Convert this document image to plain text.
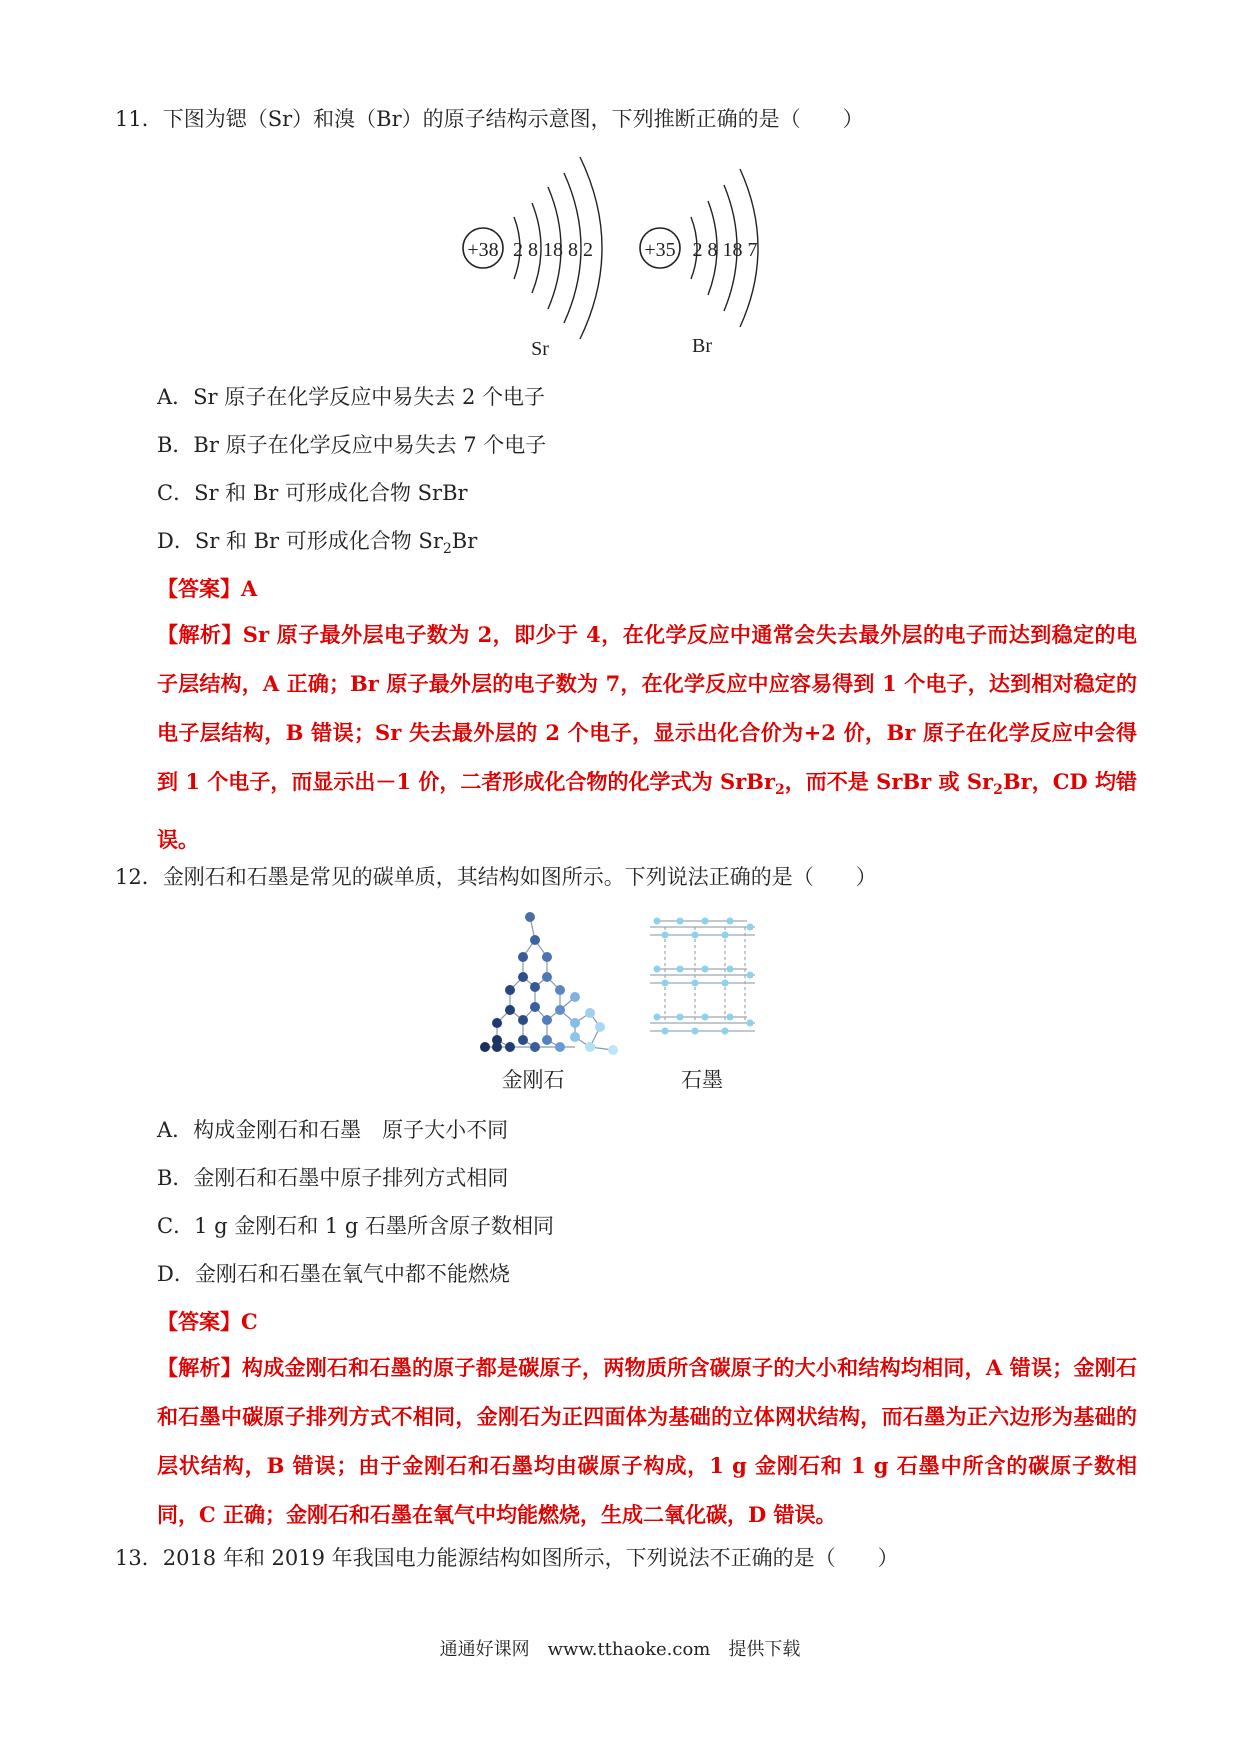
11．下图为锶（Sr）和溴（Br）的原子结构示意图，下列推断正确的是（　　）
+38 2 8 18 8 2
Sr
+35 2 8 18 7
Br
A．Sr 原子在化学反应中易失去 2 个电子
B．Br 原子在化学反应中易失去 7 个电子
C．Sr 和 Br 可形成化合物 SrBr
D．Sr 和 Br 可形成化合物 $Sr_2Br$
【答案】A
【解析】Sr 原子最外层电子数为 2，即少于 4，在化学反应中通常会失去最外层的电子而达到稳定的电子层结构，A 正确；Br 原子最外层的电子数为 7，在化学反应中应容易得到 1 个电子，达到相对稳定的电子层结构，B 错误；Sr 失去最外层的 2 个电子，显示出化合价为+2 价，Br 原子在化学反应中会得到 1 个电子，而显示出－1 价，二者形成化合物的化学式为 SrBr$_2$，而不是 SrBr 或 $Sr_2Br$，CD 均错误。
12．金刚石和石墨是常见的碳单质，其结构如图所示。下列说法正确的是（　　）
金刚石	石墨
A．构成金刚石和石墨　原子大小不同
B．金刚石和石墨中原子排列方式相同
C．1 g 金刚石和 1 g 石墨所含原子数相同
D．金刚石和石墨在氧气中都不能燃烧
【答案】C
【解析】构成金刚石和石墨的原子都是碳原子，两物质所含碳原子的大小和结构均相同，A 错误；金刚石和石墨中碳原子排列方式不相同，金刚石为正四面体为基础的立体网状结构，而石墨为正六边形为基础的层状结构，B 错误；由于金刚石和石墨均由碳原子构成，1 g 金刚石和 1 g 石墨中所含的碳原子数相同，C 正确；金刚石和石墨在氧气中均能燃烧，生成二氧化碳，D 错误。
13．2018 年和 2019 年我国电力能源结构如图所示，下列说法不正确的是（　　）
通通好课网　www.tthaoke.com　提供下载
